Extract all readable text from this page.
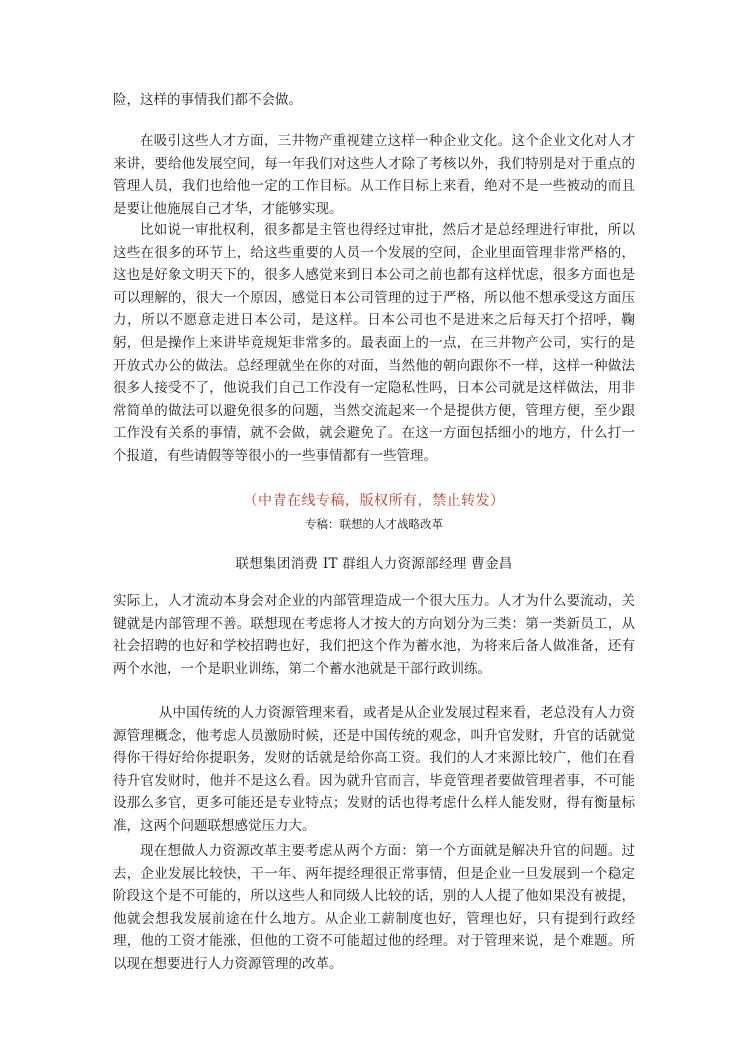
险，这样的事情我们都不会做。

在吸引这些人才方面，三井物产重视建立这样一种企业文化。这个企业文化对人才来讲，要给他发展空间，每一年我们对这些人才除了考核以外，我们特别是对于重点的管理人员，我们也给他一定的工作目标。从工作目标上来看，绝对不是一些被动的而且是要让他施展自己才华，才能够实现。

比如说一审批权利，很多都是主管也得经过审批，然后才是总经理进行审批，所以这些在很多的环节上，给这些重要的人员一个发展的空间，企业里面管理非常严格的，这也是好象文明天下的，很多人感觉来到日本公司之前也都有这样忧虑，很多方面也是可以理解的，很大一个原因，感觉日本公司管理的过于严格，所以他不想承受这方面压力，所以不愿意走进日本公司，是这样。日本公司也不是进来之后每天打个招呼，鞠躬，但是操作上来讲毕竟规矩非常多的。最表面上的一点，在三井物产公司，实行的是开放式办公的做法。总经理就坐在你的对面，当然他的朝向跟你不一样，这样一种做法很多人接受不了，他说我们自己工作没有一定隐私性吗，日本公司就是这样做法，用非常简单的做法可以避免很多的问题，当然交流起来一个是提供方便，管理方便，至少跟工作没有关系的事情，就不会做，就会避免了。在这一方面包括细小的地方，什么打一个报道，有些请假等等很小的一些事情都有一些管理。

（中青在线专稿，版权所有，禁止转发）

专稿：联想的人才战略改革

联想集团消费 IT 群组人力资源部经理 曹金昌

实际上，人才流动本身会对企业的内部管理造成一个很大压力。人才为什么要流动，关键就是内部管理不善。联想现在考虑将人才按大的方向划分为三类：第一类新员工，从社会招聘的也好和学校招聘也好，我们把这个作为蓄水池，为将来后备人做准备，还有两个水池，一个是职业训练，第二个蓄水池就是干部行政训练。

从中国传统的人力资源管理来看，或者是从企业发展过程来看，老总没有人力资源管理概念，他考虑人员激励时候，还是中国传统的观念，叫升官发财，升官的话就觉得你干得好给你提职务，发财的话就是给你高工资。我们的人才来源比较广，他们在看待升官发财时，他并不是这么看。因为就升官而言，毕竟管理者要做管理者事，不可能设那么多官，更多可能还是专业特点；发财的话也得考虑什么样人能发财，得有衡量标准，这两个问题联想感觉压力大。

现在想做人力资源改革主要考虑从两个方面：第一个方面就是解决升官的问题。过去，企业发展比较快，干一年、两年提经理很正常事情，但是企业一旦发展到一个稳定阶段这个是不可能的，所以这些人和同级人比较的话，别的人人提了他如果没有被提，他就会想我发展前途在什么地方。从企业工薪制度也好，管理也好，只有提到行政经理，他的工资才能涨，但他的工资不可能超过他的经理。对于管理来说，是个难题。所以现在想要进行人力资源管理的改革。
